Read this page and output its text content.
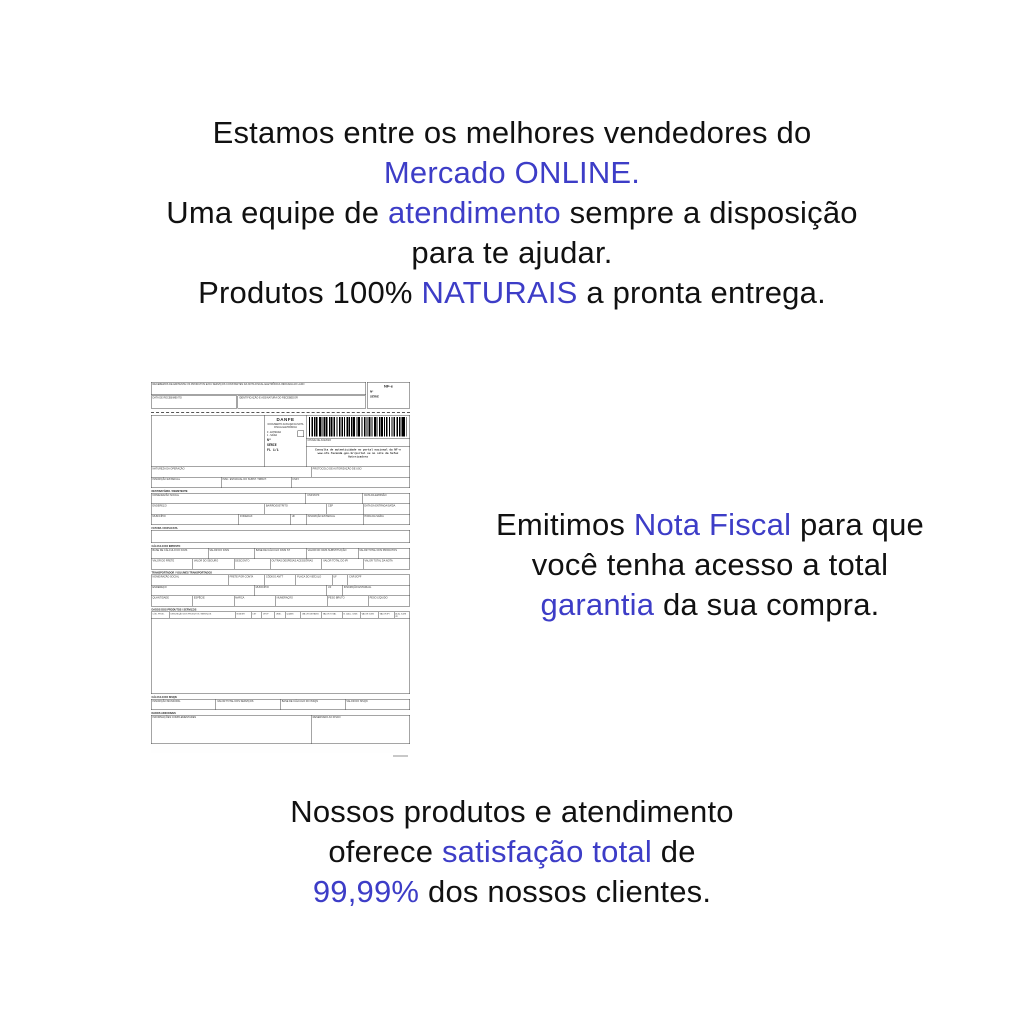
Estamos entre os melhores vendedores do
Mercado ONLINE.
Uma equipe de atendimento sempre a disposição
para te ajudar.
Produtos 100% NATURAIS a pronta entrega.
RECEBEMOS DE EMITENTE OS PRODUTOS E/OU SERVIÇOS CONSTANTES DA NOTA FISCAL ELETRÔNICA INDICADA AO LADO
DATA DE RECEBIMENTO	IDENTIFICAÇÃO E ASSINATURA DO RECEBEDOR
NF-e
Nº
SÉRIE
DANFE
DOCUMENTO AUXILIAR DA NOTA FISCAL ELETRÔNICA
0 - ENTRADA
1 - SAÍDA
Nº
SÉRIE
FL 1/1
CHAVE DE ACESSO
Consulta de autenticidade no portal nacional da NF-e www.nfe.fazenda.gov.br/portal ou no site da Sefaz Autorizadora
NATUREZA DA OPERAÇÃO	PROTOCOLO DE AUTORIZAÇÃO DE USO
INSCRIÇÃO ESTADUAL	INSC. ESTADUAL DO SUBST. TRIBUT.	CNPJ
DESTINATÁRIO / REMETENTE
NOME/RAZÃO SOCIAL	CNPJ/CPF	DATA DA EMISSÃO
ENDEREÇO	BAIRRO/DISTRITO	CEP	DATA DA ENTRADA/SAÍDA
MUNICÍPIO	FONE/FAX	UF	INSCRIÇÃO ESTADUAL	HORA DA SAÍDA
FATURA / DUPLICATA
CÁLCULO DO IMPOSTO
BASE DE CÁLCULO DO ICMS	VALOR DO ICMS	BASE DE CÁLCULO ICMS ST	VALOR DO ICMS SUBSTITUIÇÃO	VALOR TOTAL DOS PRODUTOS
VALOR DO FRETE	VALOR DO SEGURO	DESCONTO	OUTRAS DESPESAS ACESSÓRIAS	VALOR TOTAL DO IPI	VALOR TOTAL DA NOTA
TRANSPORTADOR / VOLUMES TRANSPORTADOS
NOME/RAZÃO SOCIAL	FRETE POR CONTA	CÓDIGO ANTT	PLACA DO VEÍCULO	UF	CNPJ/CPF
ENDEREÇO	MUNICÍPIO	UF	INSCRIÇÃO ESTADUAL
QUANTIDADE	ESPÉCIE	MARCA	NUMERAÇÃO	PESO BRUTO	PESO LÍQUIDO
DADOS DOS PRODUTOS / SERVIÇOS
CÓD. PROD.	DESCRIÇÃO DOS PRODUTOS / SERVIÇOS	NCM/SH	CST	CFOP	UNID.	QUANT.	VALOR UNITÁRIO VALOR TOTAL	B. CÁLC. ICMS	VALOR ICMS	VALOR IPI	ALÍQ. ICMS IPI
CÁLCULO DO ISSQN
INSCRIÇÃO MUNICIPAL	VALOR TOTAL DOS SERVIÇOS	BASE DE CÁLCULO DO ISSQN	VALOR DO ISSQN
DADOS ADICIONAIS
INFORMAÇÕES COMPLEMENTARES	RESERVADO AO FISCO
Emitimos Nota Fiscal para que
você tenha acesso a total
garantia da sua compra.
Nossos produtos e atendimento
oferece satisfação total de
99,99% dos nossos clientes.
